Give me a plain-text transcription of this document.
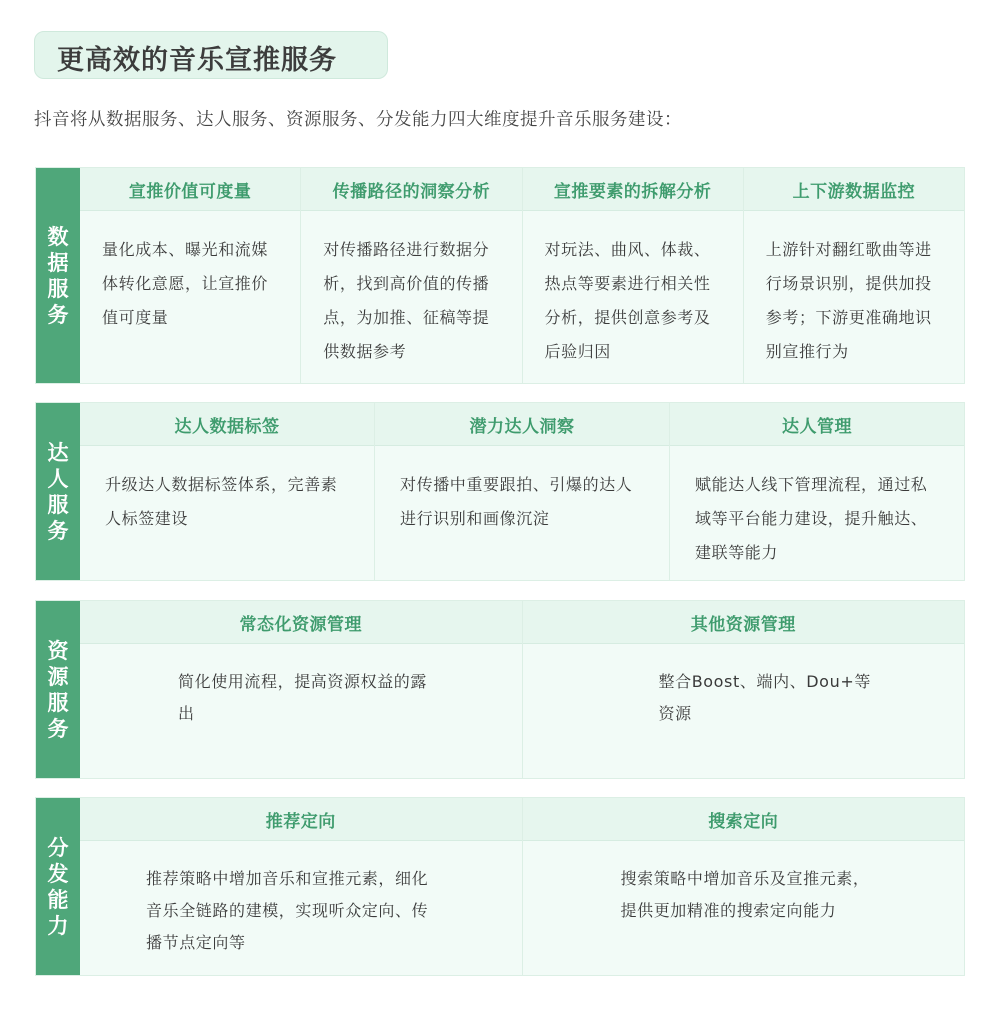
更高效的音乐宣推服务
抖音将从数据服务、达人服务、资源服务、分发能力四大维度提升音乐服务建设：
数据服务
宣推价值可度量
量化成本、曝光和流媒体转化意愿，让宣推价值可度量
传播路径的洞察分析
对传播路径进行数据分析，找到高价值的传播点，为加推、征稿等提供数据参考
宣推要素的拆解分析
对玩法、曲风、体裁、热点等要素进行相关性分析，提供创意参考及后验归因
上下游数据监控
上游针对翻红歌曲等进行场景识别，提供加投参考；下游更准确地识别宣推行为
达人服务
达人数据标签
升级达人数据标签体系，完善素人标签建设
潜力达人洞察
对传播中重要跟拍、引爆的达人进行识别和画像沉淀
达人管理
赋能达人线下管理流程，通过私域等平台能力建设，提升触达、建联等能力
资源服务
常态化资源管理
简化使用流程，提高资源权益的露出
其他资源管理
整合Boost、端内、Dou+等资源
分发能力
推荐定向
推荐策略中增加音乐和宣推元素，细化音乐全链路的建模，实现听众定向、传播节点定向等
搜索定向
搜索策略中增加音乐及宣推元素，提供更加精准的搜索定向能力
